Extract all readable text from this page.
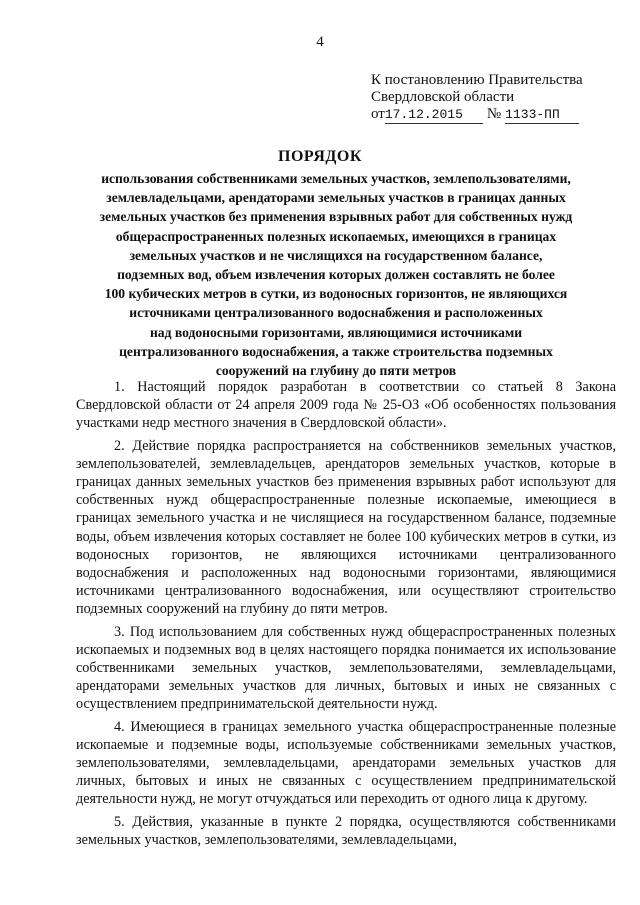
4
К постановлению Правительства
Свердловской области
от17.12.2015 № 1133-ПП
ПОРЯДОК
использования собственниками земельных участков, землепользователями,
землевладельцами, арендаторами земельных участков в границах данных
земельных участков без применения взрывных работ для собственных нужд
общераспространенных полезных ископаемых, имеющихся в границах
земельных участков и не числящихся на государственном балансе,
подземных вод, объем извлечения которых должен составлять не более
100 кубических метров в сутки, из водоносных горизонтов, не являющихся
источниками централизованного водоснабжения и расположенных
над водоносными горизонтами, являющимися источниками
централизованного водоснабжения, а также строительства подземных
сооружений на глубину до пяти метров

1. Настоящий порядок разработан в соответствии со статьей 8 Закона Свердловской области от 24 апреля 2009 года № 25-ОЗ «Об особенностях пользования участками недр местного значения в Свердловской области».

2. Действие порядка распространяется на собственников земельных участков, землепользователей, землевладельцев, арендаторов земельных участков, которые в границах данных земельных участков без применения взрывных работ используют для собственных нужд общераспространенные полезные ископаемые, имеющиеся в границах земельного участка и не числящиеся на государственном балансе, подземные воды, объем извлечения которых составляет не более 100 кубических метров в сутки, из водоносных горизонтов, не являющихся источниками централизованного водоснабжения и расположенных над водоносными горизонтами, являющимися источниками централизованного водоснабжения, или осуществляют строительство подземных сооружений на глубину до пяти метров.

3. Под использованием для собственных нужд общераспространенных полезных ископаемых и подземных вод в целях настоящего порядка понимается их использование собственниками земельных участков, землепользователями, землевладельцами, арендаторами земельных участков для личных, бытовых и иных не связанных с осуществлением предпринимательской деятельности нужд.

4. Имеющиеся в границах земельного участка общераспространенные полезные ископаемые и подземные воды, используемые собственниками земельных участков, землепользователями, землевладельцами, арендаторами земельных участков для личных, бытовых и иных не связанных с осуществлением предпринимательской деятельности нужд, не могут отчуждаться или переходить от одного лица к другому.

5. Действия, указанные в пункте 2 порядка, осуществляются собственниками земельных участков, землепользователями, землевладельцами,
